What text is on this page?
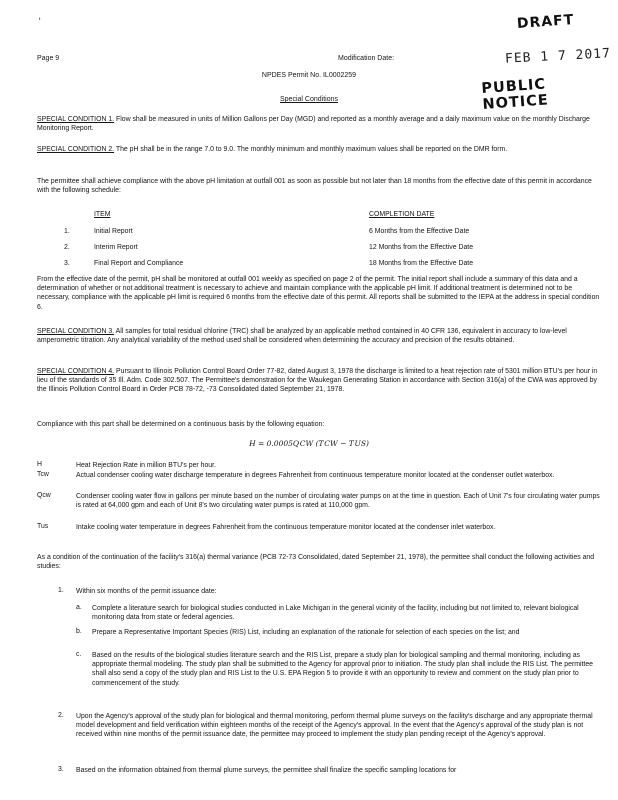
'
Page 9	Modification Date:
NPDES Permit No. IL0002259
Special Conditions
DRAFT
FEB 1 7 2017
PUBLIC NOTICE
SPECIAL CONDITION 1. Flow shall be measured in units of Million Gallons per Day (MGD) and reported as a monthly average and a daily maximum value on the monthly Discharge Monitoring Report.
SPECIAL CONDITION 2. The pH shall be in the range 7.0 to 9.0. The monthly minimum and monthly maximum values shall be reported on the DMR form.
The permittee shall achieve compliance with the above pH limitation at outfall 001 as soon as possible but not later than 18 months from the effective date of this permit in accordance with the following schedule:
ITEM	COMPLETION DATE
1.	Initial Report	6 Months from the Effective Date
2.	Interim Report	12 Months from the Effective Date
3.	Final Report and Compliance	18 Months from the Effective Date
From the effective date of the permit, pH shall be monitored at outfall 001 weekly as specified on page 2 of the permit. The initial report shall include a summary of this data and a determination of whether or not additional treatment is necessary to achieve and maintain compliance with the applicable pH limit. If additional treatment is determined not to be necessary, compliance with the applicable pH limit is required 6 months from the effective date of this permit. All reports shall be submitted to the IEPA at the address in special condition 6.
SPECIAL CONDITION 3. All samples for total residual chlorine (TRC) shall be analyzed by an applicable method contained in 40 CFR 136, equivalent in accuracy to low-level amperometric titration. Any analytical variability of the method used shall be considered when determining the accuracy and precision of the results obtained.
SPECIAL CONDITION 4. Pursuant to Illinois Pollution Control Board Order 77-82, dated August 3, 1978 the discharge is limited to a heat rejection rate of 5301 million BTU's per hour in lieu of the standards of 35 Ill. Adm. Code 302.507. The Permittee's demonstration for the Waukegan Generating Station in accordance with Section 316(a) of the CWA was approved by the Illinois Pollution Control Board in Order PCB 78-72, -73 Consolidated dated September 21, 1978.
Compliance with this part shall be determined on a continuous basis by the following equation:
H = 0.0005Q CW (T CW − T US)
H	Heat Rejection Rate in million BTU's per hour.
Tcw	Actual condenser cooling water discharge temperature in degrees Fahrenheit from continuous temperature monitor located at the condenser outlet waterbox.
Qcw	Condenser cooling water flow in gallons per minute based on the number of circulating water pumps on at the time in question. Each of Unit 7's four circulating water pumps is rated at 64,000 gpm and each of Unit 8's two circulating water pumps is rated at 110,000 gpm.
Tus	Intake cooling water temperature in degrees Fahrenheit from the continuous temperature monitor located at the condenser inlet waterbox.
As a condition of the continuation of the facility's 316(a) thermal variance (PCB 72-73 Consolidated, dated September 21, 1978), the permittee shall conduct the following activities and studies:
1. Within six months of the permit issuance date:
a. Complete a literature search for biological studies conducted in Lake Michigan in the general vicinity of the facility, including but not limited to, relevant biological monitoring data from state or federal agencies.
b. Prepare a Representative Important Species (RIS) List, including an explanation of the rationale for selection of each species on the list; and
c. Based on the results of the biological studies literature search and the RIS List, prepare a study plan for biological sampling and thermal monitoring, including as appropriate thermal modeling. The study plan shall be submitted to the Agency for approval prior to initiation. The study plan shall include the RIS List. The permittee shall also send a copy of the study plan and RIS List to the U.S. EPA Region 5 to provide it with an opportunity to review and comment on the study plan prior to commencement of the study.
2. Upon the Agency's approval of the study plan for biological and thermal monitoring, perform thermal plume surveys on the facility's discharge and any appropriate thermal model development and field verification within eighteen months of the receipt of the Agency's approval. In the event that the Agency's approval of the study plan is not received within nine months of the permit issuance date, the permittee may proceed to implement the study plan pending receipt of the Agency's approval.
3. Based on the information obtained from thermal plume surveys, the permittee shall finalize the specific sampling locations for
